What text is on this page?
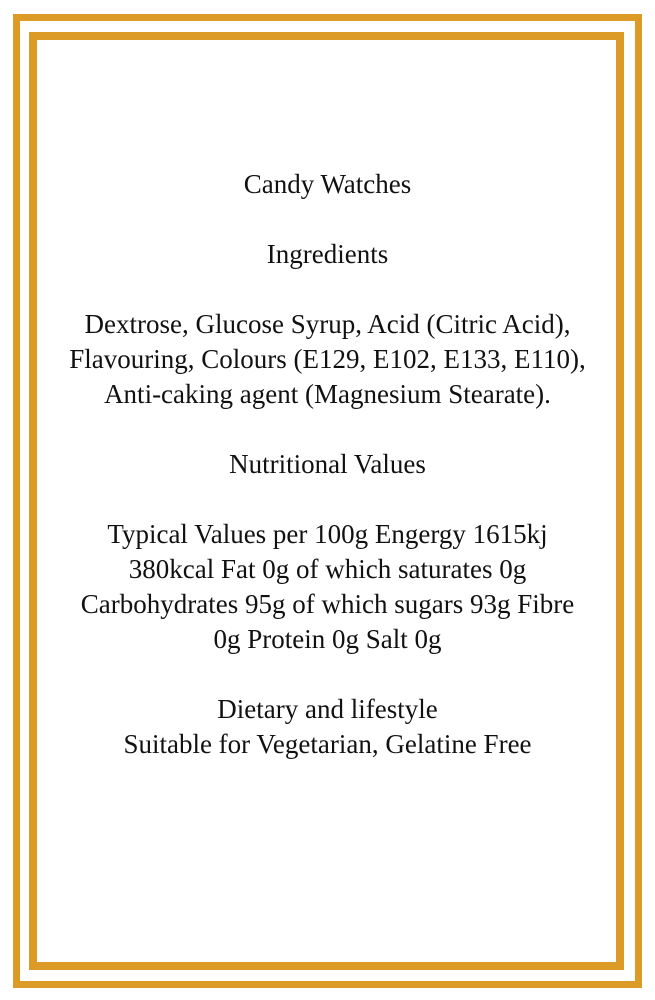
Candy Watches

Ingredients

Dextrose, Glucose Syrup, Acid (Citric Acid), Flavouring, Colours (E129, E102, E133, E110), Anti-caking agent (Magnesium Stearate).

Nutritional Values

Typical Values per 100g Engergy 1615kj 380kcal Fat 0g of which saturates 0g Carbohydrates 95g of which sugars 93g Fibre 0g Protein 0g Salt 0g

Dietary and lifestyle
Suitable for Vegetarian, Gelatine Free
